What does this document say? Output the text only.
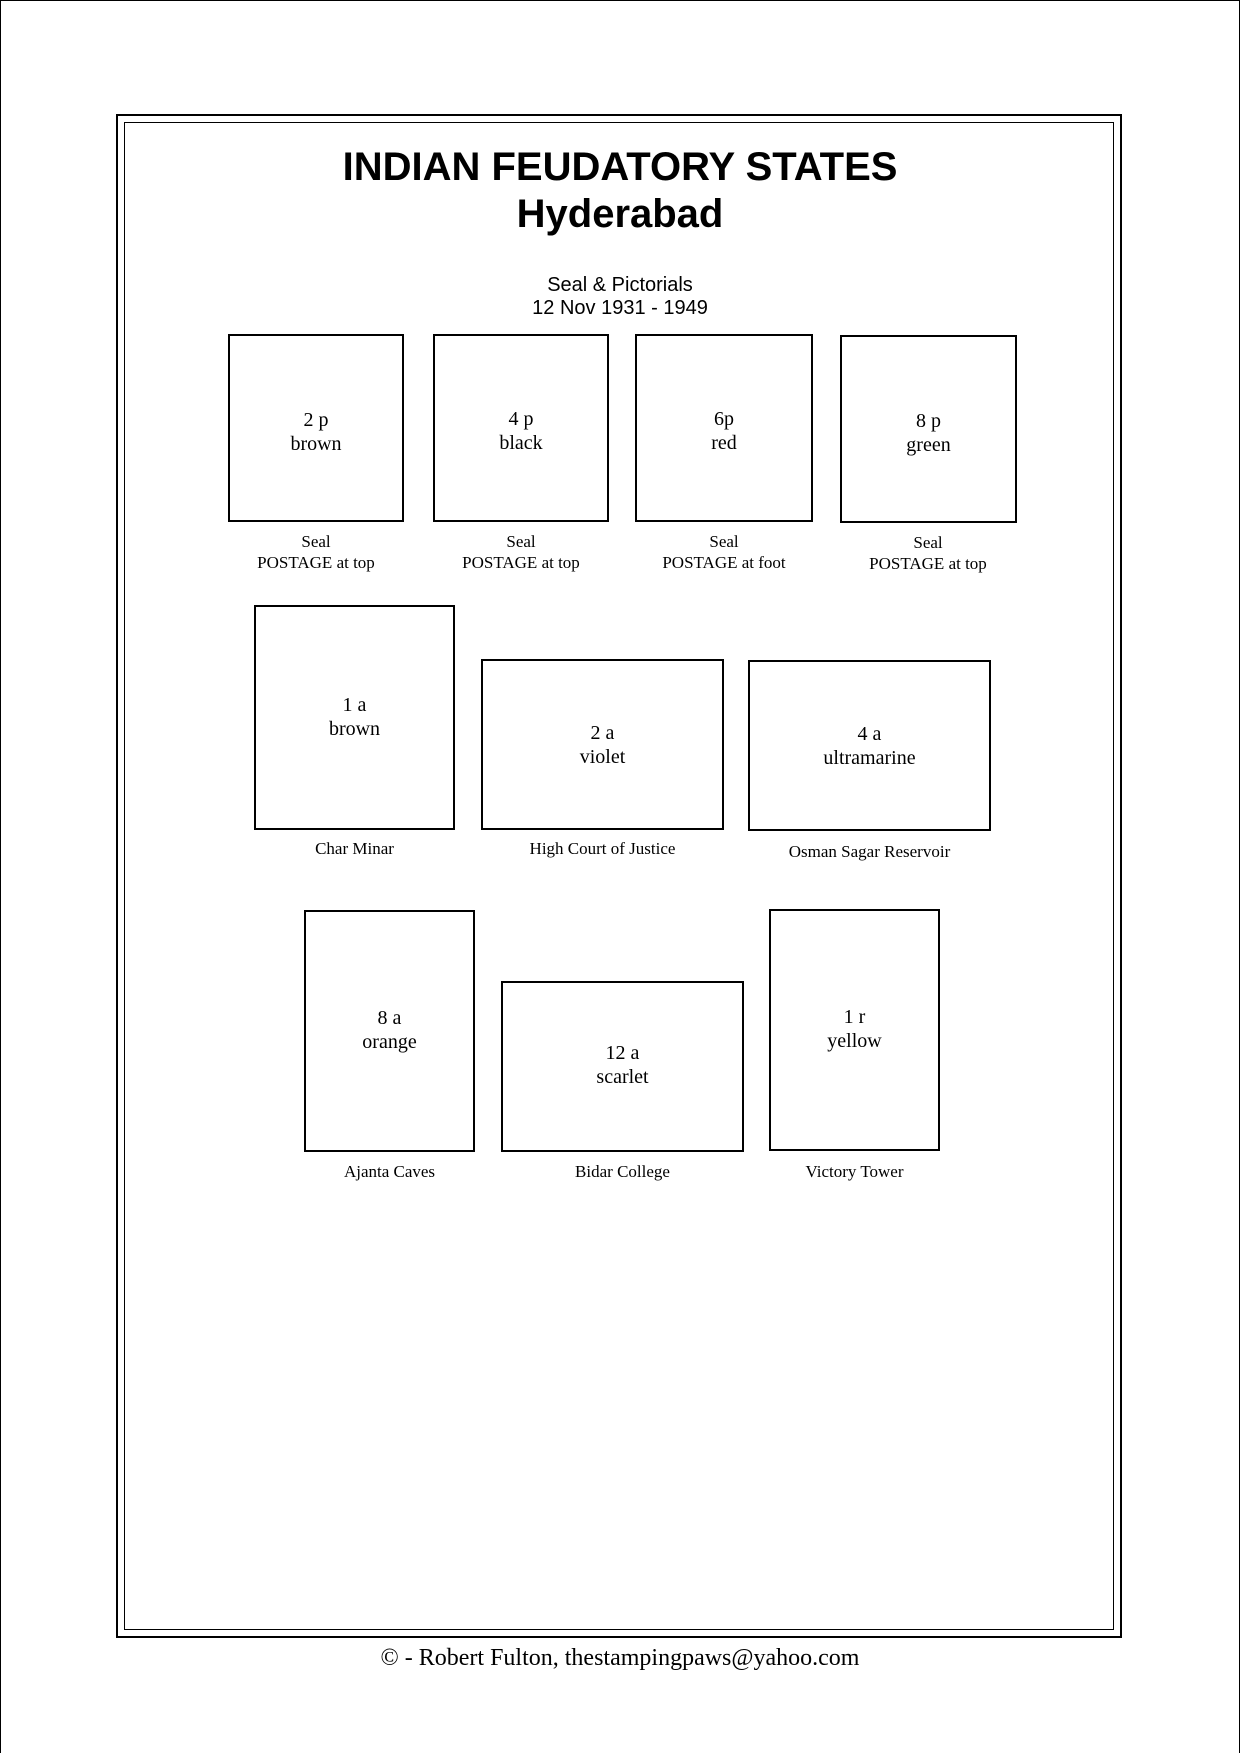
INDIAN FEUDATORY STATES
Hyderabad
Seal & Pictorials
12 Nov 1931 - 1949
2 p
brown
Seal
POSTAGE at top
4 p
black
Seal
POSTAGE at top
6p
red
Seal
POSTAGE at foot
8 p
green
Seal
POSTAGE at top
1 a
brown
Char Minar
2 a
violet
High Court of Justice
4 a
ultramarine
Osman Sagar Reservoir
8 a
orange
Ajanta Caves
12 a
scarlet
Bidar College
1 r
yellow
Victory Tower
© - Robert Fulton, thestampingpaws@yahoo.com
